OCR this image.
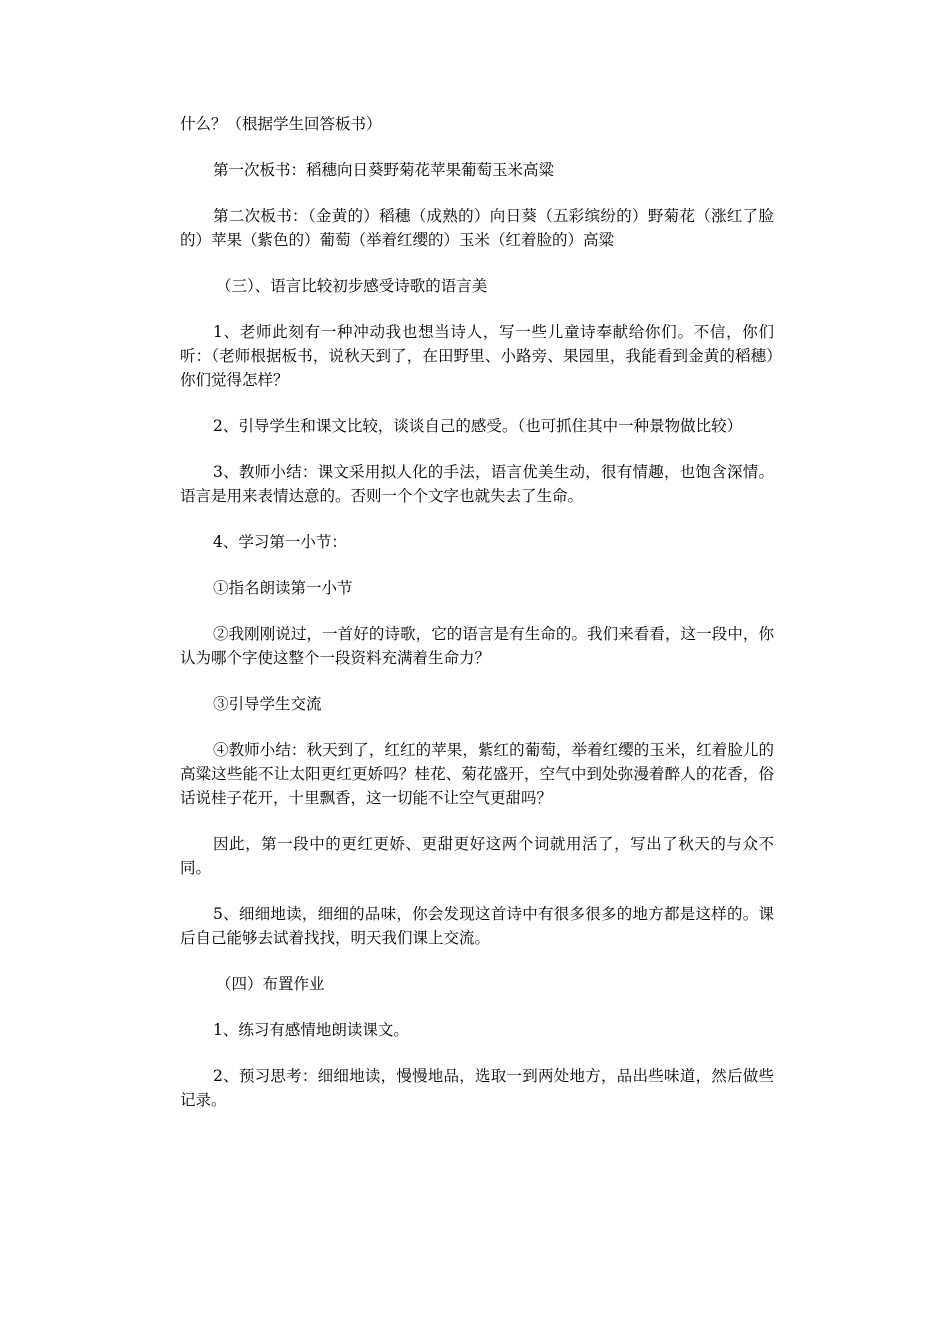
什么？（根据学生回答板书）

第一次板书：稻穗向日葵野菊花苹果葡萄玉米高粱

第二次板书：（金黄的）稻穗（成熟的）向日葵（五彩缤纷的）野菊花（涨红了脸的）苹果（紫色的）葡萄（举着红缨的）玉米（红着脸的）高粱

（三）、语言比较初步感受诗歌的语言美

1、老师此刻有一种冲动我也想当诗人，写一些儿童诗奉献给你们。不信，你们听：（老师根据板书，说秋天到了，在田野里、小路旁、果园里，我能看到金黄的稻穗）你们觉得怎样？

2、引导学生和课文比较，谈谈自己的感受。（也可抓住其中一种景物做比较）

3、教师小结：课文采用拟人化的手法，语言优美生动，很有情趣，也饱含深情。语言是用来表情达意的。否则一个个文字也就失去了生命。

4、学习第一小节：

①指名朗读第一小节

②我刚刚说过，一首好的诗歌，它的语言是有生命的。我们来看看，这一段中，你认为哪个字使这整个一段资料充满着生命力？

③引导学生交流

④教师小结：秋天到了，红红的苹果，紫红的葡萄，举着红缨的玉米，红着脸儿的高粱这些能不让太阳更红更娇吗？桂花、菊花盛开，空气中到处弥漫着醉人的花香，俗话说桂子花开，十里飘香，这一切能不让空气更甜吗？

因此，第一段中的更红更娇、更甜更好这两个词就用活了，写出了秋天的与众不同。

5、细细地读，细细的品味，你会发现这首诗中有很多很多的地方都是这样的。课后自己能够去试着找找，明天我们课上交流。

（四）布置作业

1、练习有感情地朗读课文。

2、预习思考：细细地读，慢慢地品，选取一到两处地方，品出些味道，然后做些记录。
